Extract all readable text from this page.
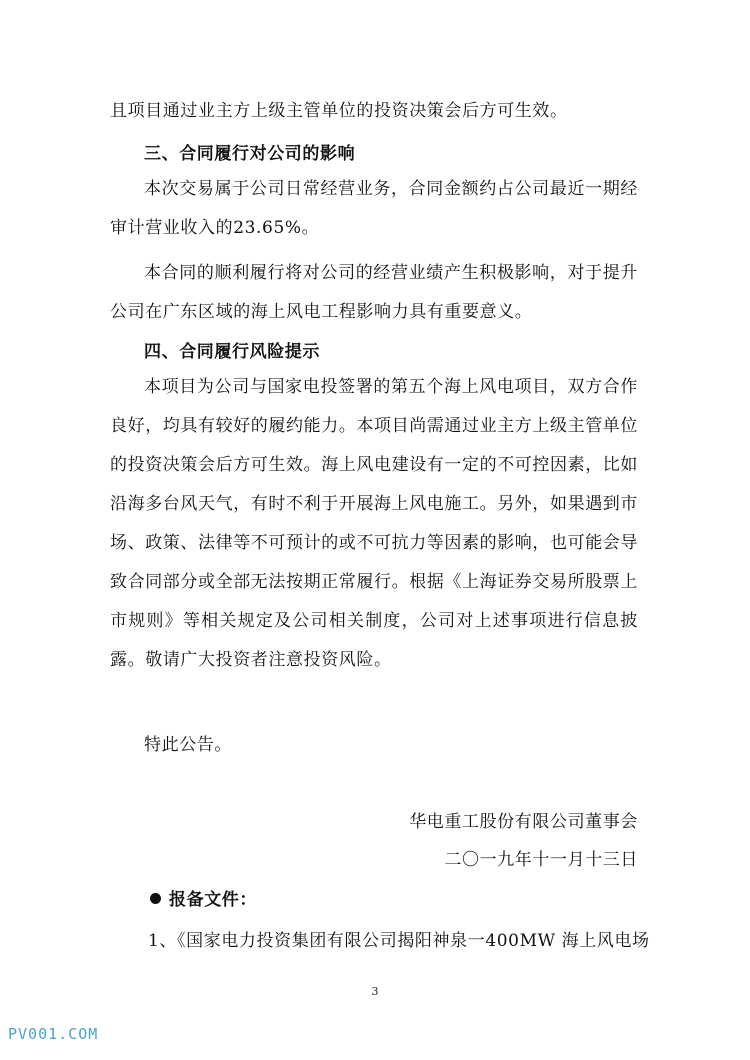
且项目通过业主方上级主管单位的投资决策会后方可生效。
三、合同履行对公司的影响
本次交易属于公司日常经营业务，合同金额约占公司最近一期经审计营业收入的23.65%。
本合同的顺利履行将对公司的经营业绩产生积极影响，对于提升公司在广东区域的海上风电工程影响力具有重要意义。
四、合同履行风险提示
本项目为公司与国家电投签署的第五个海上风电项目，双方合作良好，均具有较好的履约能力。本项目尚需通过业主方上级主管单位的投资决策会后方可生效。海上风电建设有一定的不可控因素，比如沿海多台风天气，有时不利于开展海上风电施工。另外，如果遇到市场、政策、法律等不可预计的或不可抗力等因素的影响，也可能会导致合同部分或全部无法按期正常履行。根据《上海证券交易所股票上市规则》等相关规定及公司相关制度，公司对上述事项进行信息披露。敬请广大投资者注意投资风险。
特此公告。
华电重工股份有限公司董事会
二〇一九年十一月十三日
报备文件：
1、《国家电力投资集团有限公司揭阳神泉一400MW 海上风电场
3
PV001.COM
